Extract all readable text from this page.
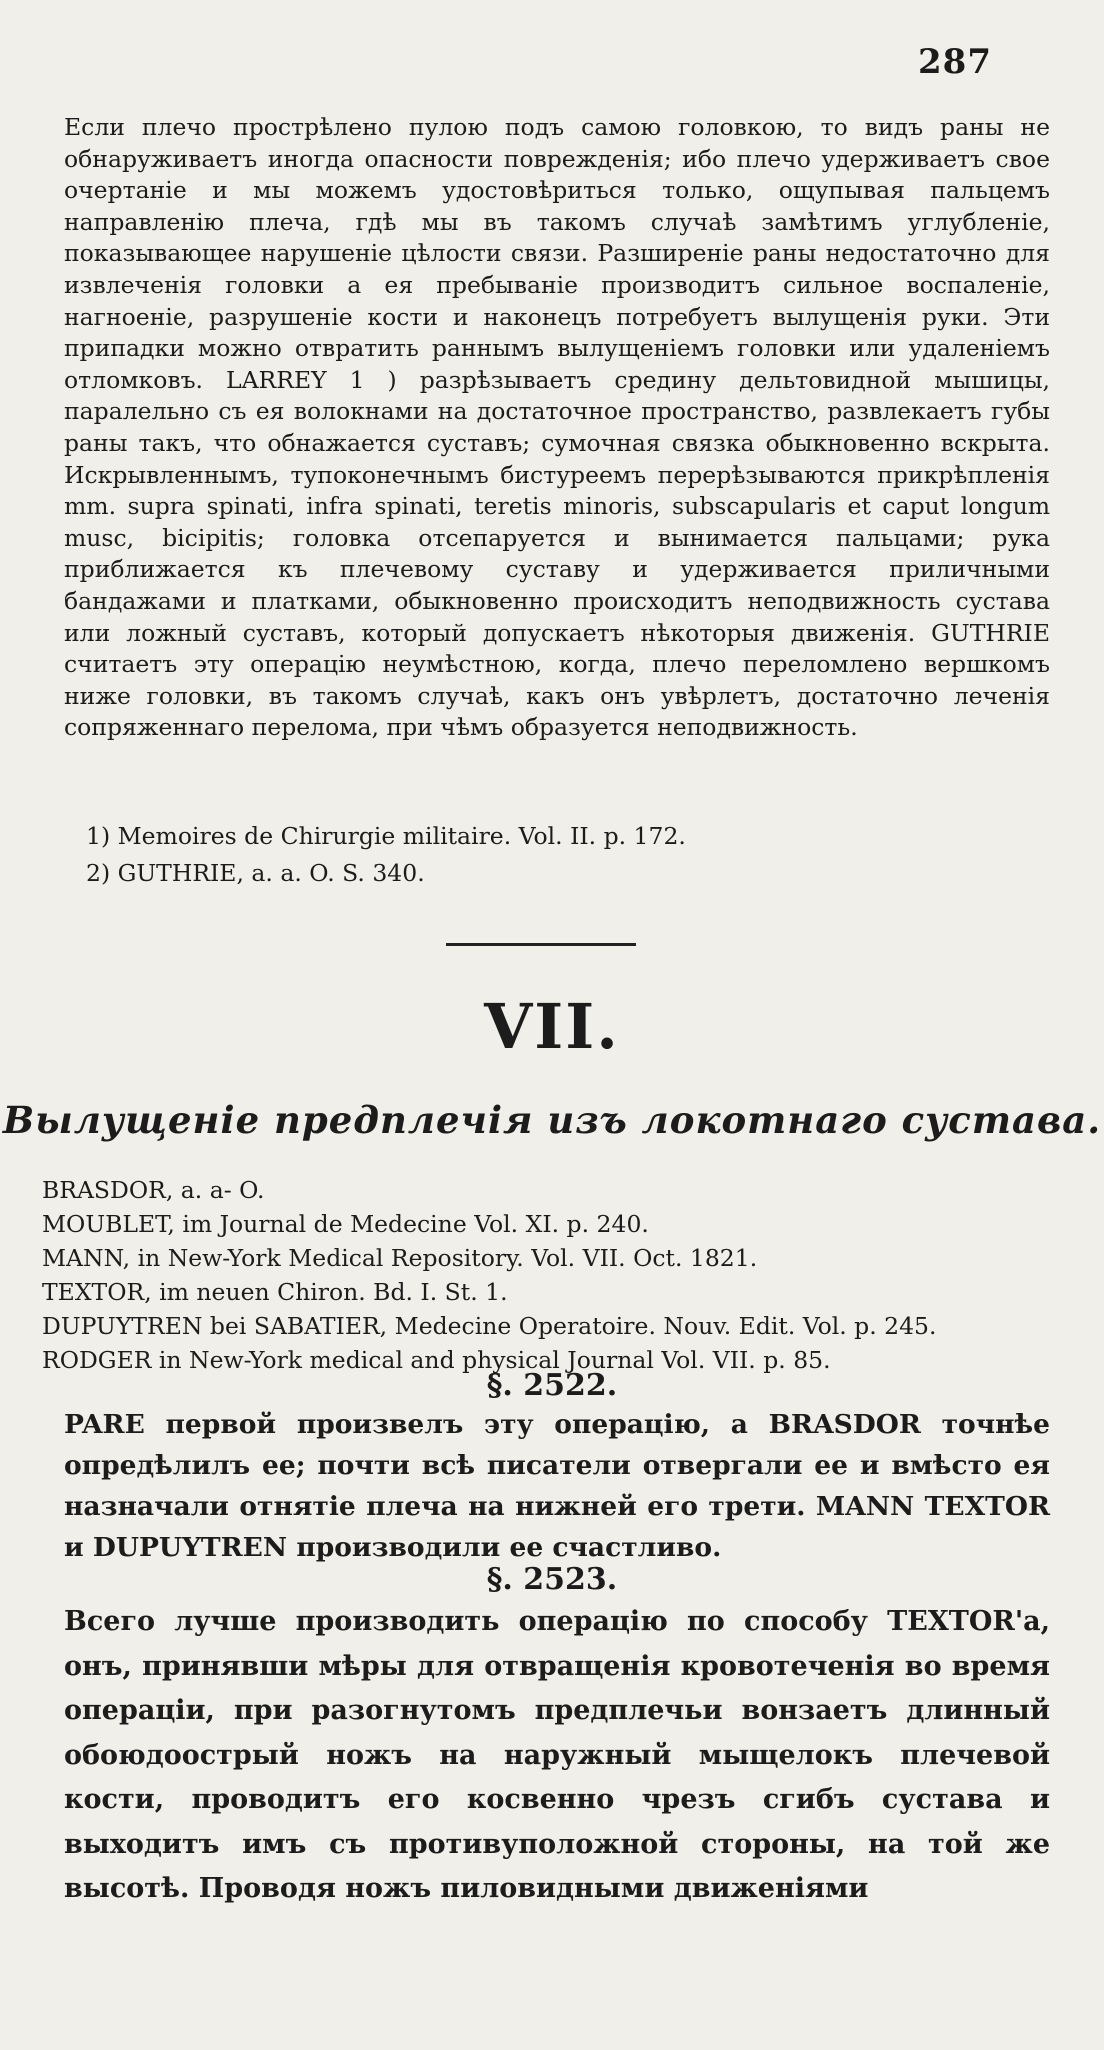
287

Если плечо прострѣлено пулою подъ самою головкою, то видъ раны не обнаруживаетъ иногда опасности повреждeнія; ибо плечо удерживаетъ свое очертаніе и мы можемъ удостовѣриться только, ощупывая пальцемъ направленію плеча, гдѣ мы въ такомъ случаѣ замѣтимъ углубленіе, показывающее нарушеніе цѣлости связи. Разширеніе раны недостаточно для извлеченія головки а ея пребываніе производитъ сильное воспаленіе, нагноеніе, разрушеніе кости и наконецъ потребуетъ вылущенія руки. Эти припадки можно отвратить раннымъ вылущеніемъ головки или удаленіемъ отломковъ. LARREY 1 ) разрѣзываетъ средину дельтовидной мышицы, паралельно съ ея волокнами на достаточное пространство, развлекаетъ губы раны такъ, что обнажается суставъ; сумочная связка обыкновенно вскрыта. Искрывленнымъ, тупоконечнымъ бистуреемъ перерѣзываются прикрѣпленія mm. supra spinati, infra spinati, teretis minoris, subscapularis et caput longum musc, bicipitis; головка отсепаруется и вынимается пальцами; рука приближается къ плечевому суставу и удерживается приличными бандажами и платками, обыкновенно происходитъ неподвижность сустава или ложный суставъ, который допускаетъ нѣкоторыя движенія. GUTHRIE считаетъ эту операцію неумѣстною, когда, плечо переломлено вершкомъ ниже головки, въ такомъ случаѣ, какъ онъ увѣрлетъ, достаточно леченія сопряженнаго перелома, при чѣмъ образуется неподвижность.

1) Memoires de Chirurgie militaire. Vol. II. p. 172.
2) GUTHRIE, a. a. O. S. 340.
VII.
Вылущеніе предплечія изъ локотнаго сустава.
BRASDOR, a. a- O.
MOUBLET, im Journal de Medecine Vol. XI. p. 240.
MANN, in New-York Medical Repository. Vol. VII. Oct. 1821.
TEXTOR, im neuen Chiron. Bd. I. St. 1.
DUPUYTREN bei SABATIER, Medecine Operatoire. Nouv. Edit. Vol. p. 245.
RODGER in New-York medical and physical Journal Vol. VII. p. 85.
§. 2522.

PARE первой произвелъ эту операцію, а BRASDOR точнѣе опредѣлилъ ее; почти всѣ писатели отвергали ее и вмѣсто ея назначали отнятіе плеча на нижней его трети. MANN TEXTOR и DUPUYTREN производили ее счастливо.

§. 2523.

Всего лучше производить операцію по способу TEXTOR'а, онъ, принявши мѣры для отвращенія кровотеченія во время операціи, при разогнутомъ предплечьи вонзаетъ длинный обоюдоострый ножъ на наружный мыщелокъ плечевой кости, проводитъ его косвенно чрезъ сгибъ сустава и выходитъ имъ съ противуположной стороны, на той же высотѣ. Проводя ножъ пиловидными движеніями
